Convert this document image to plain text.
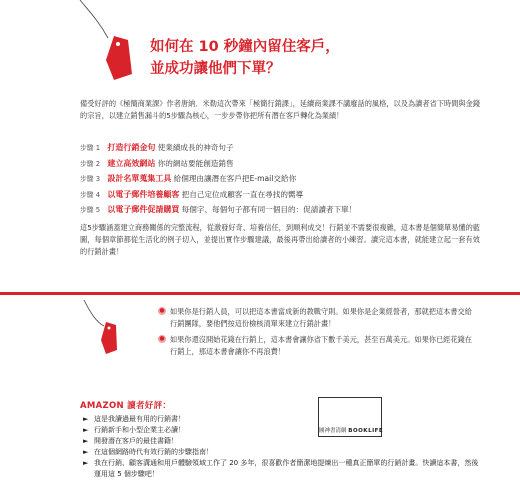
如何在 10 秒鐘內留住客戶，
並成功讓他們下單？
備受好評的《極簡商業課》作者唐納．米勒這次帶來「極簡行銷課」，延續商業課不講廢話的風格，以及為讀者省下時間與金錢的宗旨，以建立銷售漏斗的5步驟為核心，一步步帶你把所有潛在客戶轉化為業績！
步驟 1 打造行銷金句 使業績成長的神奇句子
步驟 2 建立高效網站 你的網站要能創造銷售
步驟 3 設計名單蒐集工具 給個理由讓潛在客戶把E-mail交給你
步驟 4 以電子郵件培養顧客 把自己定位成顧客一直在尋找的嚮導
步驟 5 以電子郵件促請購買 每個字、每個句子都有同一個目的：促請讀者下單！
這5步驟涵蓋建立商務關係的完整流程，從激發好奇、培養信任，到順利成交！行銷並不需要很複雜，這本書是個簡單易懂的藍圖，每個章節都從生活化的例子切入，並提出實作步驟建議，最後再帶出給讀者的小練習。讀完這本書，就能建立起一套有效的行銷計畫！
● 如果你是行銷人員，可以把這本書當成新的教戰守則。如果你是企業經營者，那就把這本書交給行銷團隊，要他們按這份檢核清單來建立行銷計畫！
● 如果你還沒開始花錢在行銷上，這本書會讓你省下數千美元，甚至百萬美元。如果你已經花錢在行銷上，那這本書會讓你不再浪費！
AMAZON 讀者好評：
圖神書清網 BOOKLIFE
► 這是我讀過最有用的行銷書！
► 行銷新手和小型企業主必讀！
► 開發潛在客戶的最佳書籍！
► 在這個網路時代有效行銷的步驟指南！
► 我在行銷、顧客溝通和用戶體驗領域工作了 20 多年，很喜歡作者簡潔地提煉出一種真正簡單的行銷計畫。快讀這本書，然後運用這 5 個步驟吧！
